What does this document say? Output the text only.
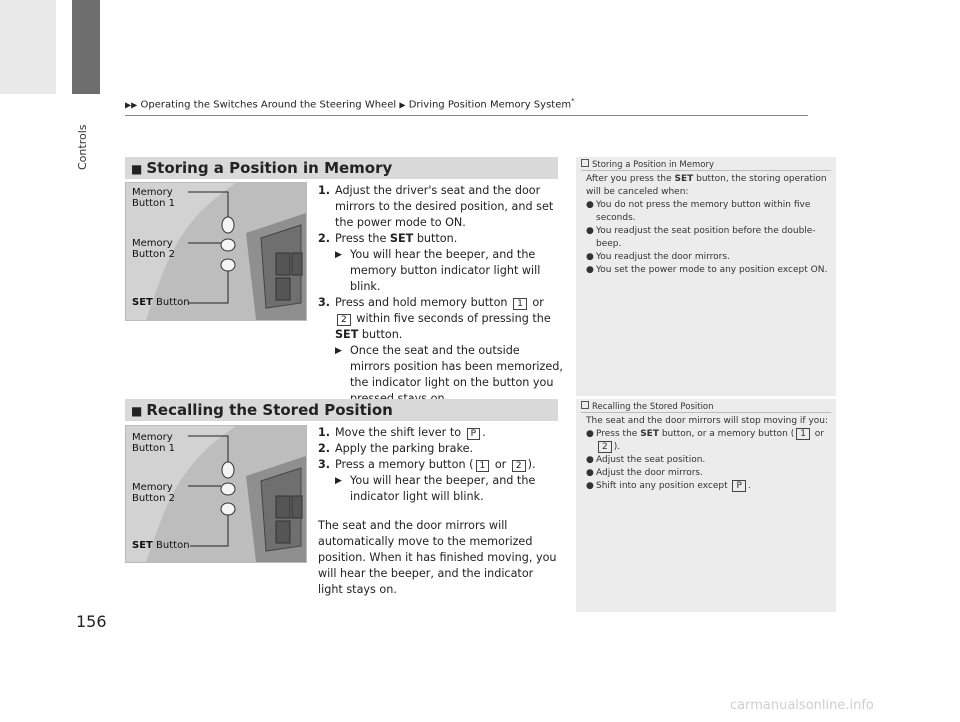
Controls
▶▶ Operating the Switches Around the Steering Wheel ▶ Driving Position Memory System*
■ Storing a Position in Memory
Memory
Button 1
Memory
Button 2
SET Button
1. Adjust the driver's seat and the door mirrors to the desired position, and set the power mode to ON.
2. Press the SET button.
▶ You will hear the beeper, and the memory button indicator light will blink.
3. Press and hold memory button 1 or 2 within five seconds of pressing the SET button.
▶ Once the seat and the outside mirrors position has been memorized, the indicator light on the button you
Storing a Position in Memory
After you press the SET button, the storing operation will be canceled when:
● You do not press the memory button within five seconds.
● You readjust the seat position before the double-beep.
● You readjust the door mirrors.
● You set the power mode to any position except ON.
■ Recalling the Stored Position
Memory
Button 1
Memory
Button 2
SET Button
1. Move the shift lever to P .
2. Apply the parking brake.
3. Press a memory button ( 1 or 2 ).
▶ You will hear the beeper, and the indicator light will blink.
The seat and the door mirrors will automatically move to the memorized position. When it has finished moving, you will hear the beeper, and the indicator light stays on.
Recalling the Stored Position
The seat and the door mirrors will stop moving if you:
● Press the SET button, or a memory button ( 1 or 2 ).
● Adjust the seat position.
● Adjust the door mirrors.
● Shift into any position except P .
156
carmanualsonline.info
